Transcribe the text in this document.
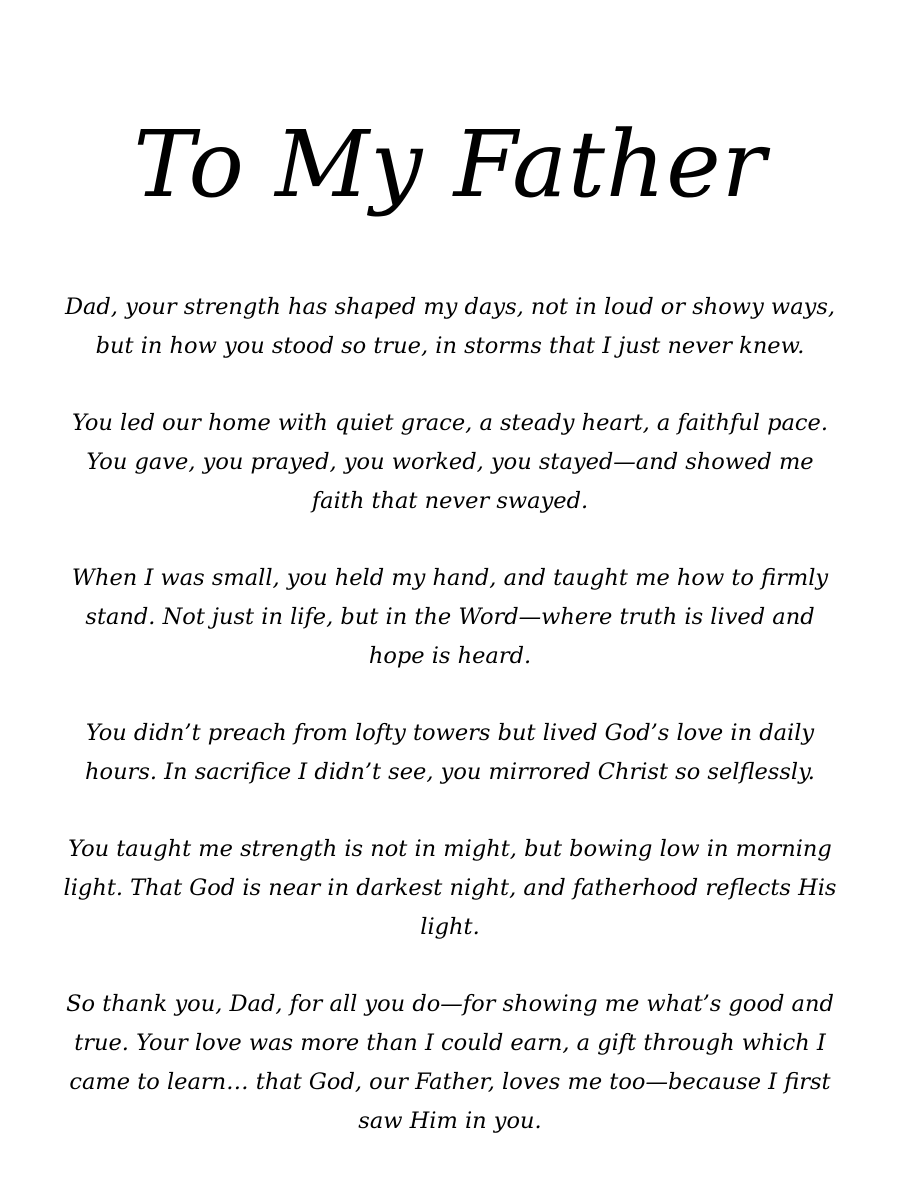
To My Father

Dad, your strength has shaped my days, not in loud or showy ways, but in how you stood so true, in storms that I just never knew.

You led our home with quiet grace, a steady heart, a faithful pace. You gave, you prayed, you worked, you stayed—and showed me faith that never swayed.

When I was small, you held my hand, and taught me how to firmly stand. Not just in life, but in the Word—where truth is lived and hope is heard.

You didn’t preach from lofty towers but lived God’s love in daily hours. In sacrifice I didn’t see, you mirrored Christ so selflessly.

You taught me strength is not in might, but bowing low in morning light. That God is near in darkest night, and fatherhood reflects His light.

So thank you, Dad, for all you do—for showing me what’s good and true. Your love was more than I could earn, a gift through which I came to learn… that God, our Father, loves me too—because I first saw Him in you.
